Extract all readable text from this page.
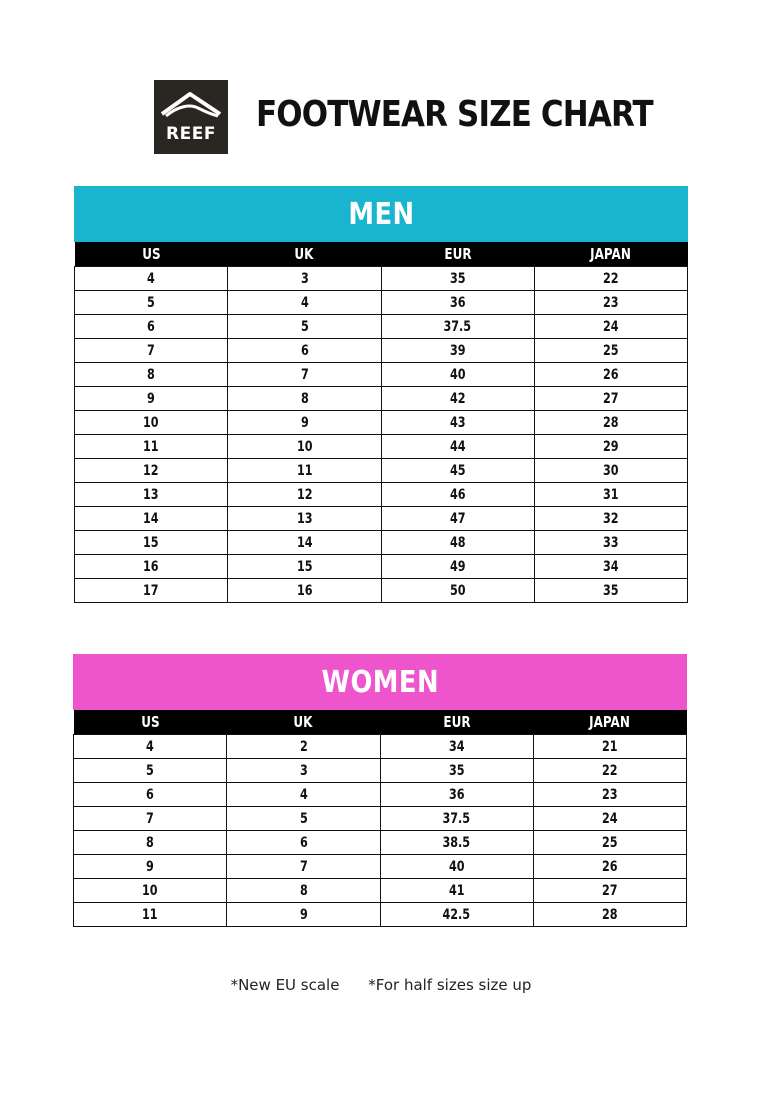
REEF	FOOTWEAR SIZE CHART
MEN
US	UK	EUR	JAPAN
4	3	35	22
5	4	36	23
6	5	37.5	24
7	6	39	25
8	7	40	26
9	8	42	27
10	9	43	28
11	10	44	29
12	11	45	30
13	12	46	31
14	13	47	32
15	14	48	33
16	15	49	34
17	16	50	35
WOMEN
US	UK	EUR	JAPAN
4	2	34	21
5	3	35	22
6	4	36	23
7	5	37.5	24
8	6	38.5	25
9	7	40	26
10	8	41	27
11	9	42.5	28
*New EU scale *For half sizes size up
